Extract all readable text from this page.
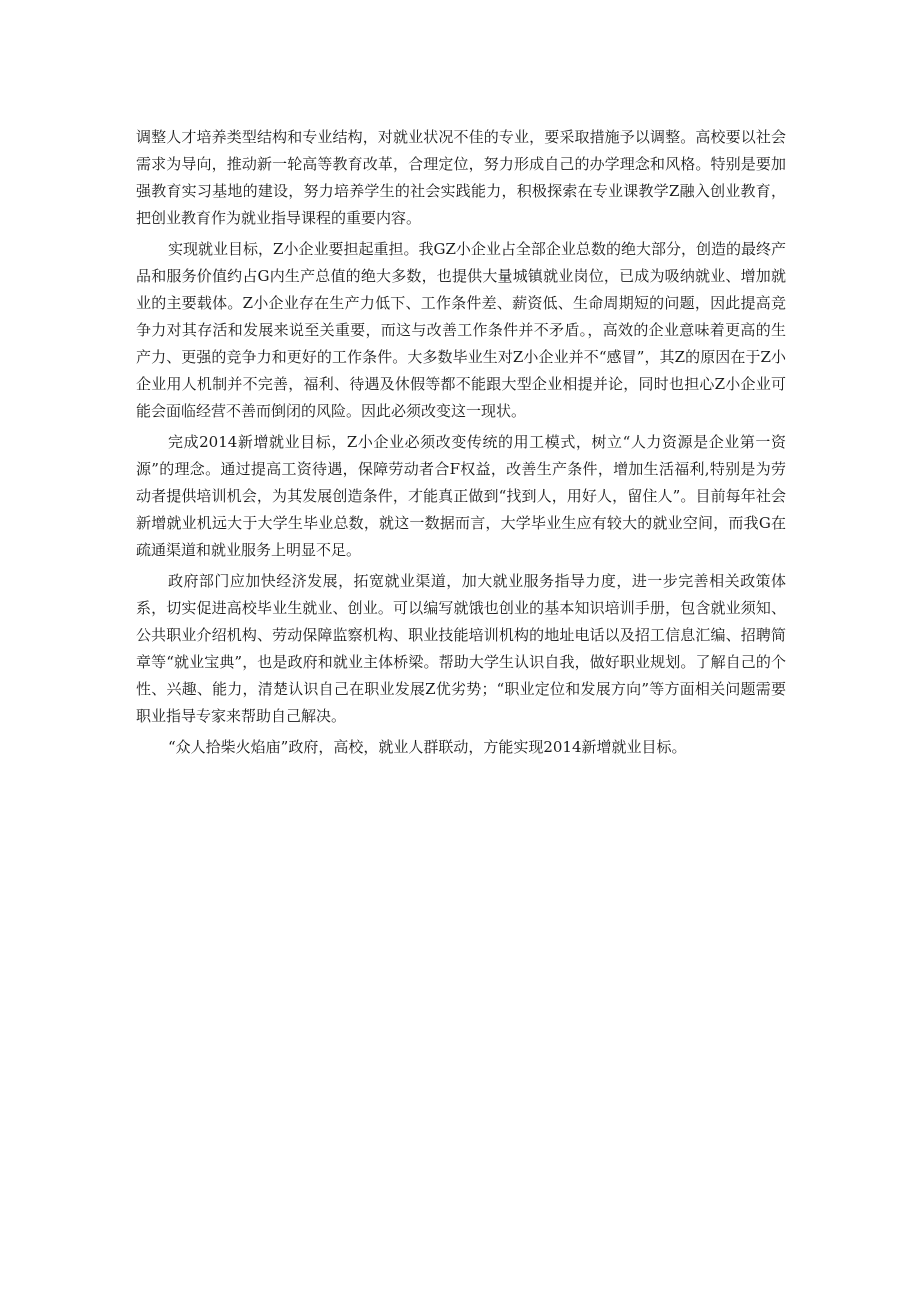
调整人才培养类型结构和专业结构，对就业状况不佳的专业，要采取措施予以调整。高校要以社会需求为导向，推动新一轮高等教育改革，合理定位，努力形成自己的办学理念和风格。特别是要加强教育实习基地的建设，努力培养学生的社会实践能力，积极探索在专业课教学Z融入创业教育，把创业教育作为就业指导课程的重要内容。

实现就业目标，Z小企业要担起重担。我GZ小企业占全部企业总数的绝大部分，创造的最终产品和服务价值约占G内生产总值的绝大多数，也提供大量城镇就业岗位，已成为吸纳就业、增加就业的主要载体。Z小企业存在生产力低下、工作条件差、薪资低、生命周期短的问题，因此提高竞争力对其存活和发展来说至关重要，而这与改善工作条件并不矛盾。，高效的企业意味着更高的生产力、更强的竞争力和更好的工作条件。大多数毕业生对Z小企业并不“感冒”，其Z的原因在于Z小企业用人机制并不完善，福利、待遇及休假等都不能跟大型企业相提并论，同时也担心Z小企业可能会面临经营不善而倒闭的风险。因此必须改变这一现状。

完成2014新增就业目标，Z小企业必须改变传统的用工模式，树立“人力资源是企业第一资源”的理念。通过提高工资待遇，保障劳动者合F权益，改善生产条件，增加生活福利,特别是为劳动者提供培训机会，为其发展创造条件，才能真正做到“找到人，用好人，留住人”。目前每年社会新增就业机远大于大学生毕业总数，就这一数据而言，大学毕业生应有较大的就业空间，而我G在疏通渠道和就业服务上明显不足。

政府部门应加快经济发展，拓宽就业渠道，加大就业服务指导力度，进一步完善相关政策体系，切实促进高校毕业生就业、创业。可以编写就饿也创业的基本知识培训手册，包含就业须知、公共职业介绍机构、劳动保障监察机构、职业技能培训机构的地址电话以及招工信息汇编、招聘简章等“就业宝典”，也是政府和就业主体桥梁。帮助大学生认识自我，做好职业规划。了解自己的个性、兴趣、能力，清楚认识自己在职业发展Z优劣势；“职业定位和发展方向”等方面相关问题需要职业指导专家来帮助自己解决。

“众人拾柴火焰庙”政府，高校，就业人群联动，方能实现2014新增就业目标。
